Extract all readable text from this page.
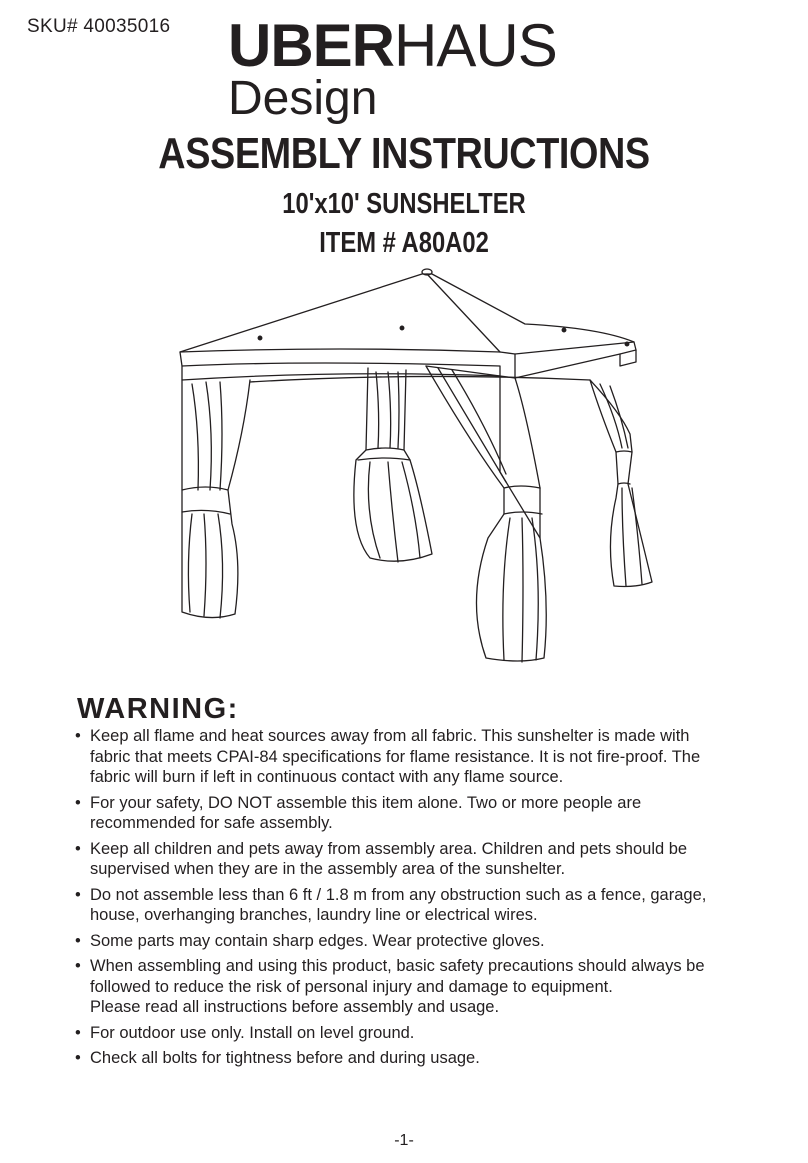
SKU# 40035016 UBERHAUS
Design
ASSEMBLY INSTRUCTIONS
10'x10' SUNSHELTER
ITEM # A80A02
WARNING:
• Keep all flame and heat sources away from all fabric. This sunshelter is made with
fabric that meets CPAI-84 specifications for flame resistance. It is not fire-proof. The
fabric will burn if left in continuous contact with any flame source.
• For your safety, DO NOT assemble this item alone. Two or more people are
recommended for safe assembly.
• Keep all children and pets away from assembly area. Children and pets should be
supervised when they are in the assembly area of the sunshelter.
• Do not assemble less than 6 ft / 1.8 m from any obstruction such as a fence, garage,
house, overhanging branches, laundry line or electrical wires.
• Some parts may contain sharp edges. Wear protective gloves.
• When assembling and using this product, basic safety precautions should always be
followed to reduce the risk of personal injury and damage to equipment.
Please read all instructions before assembly and usage.
• For outdoor use only. Install on level ground.
• Check all bolts for tightness before and during usage.
-1-
